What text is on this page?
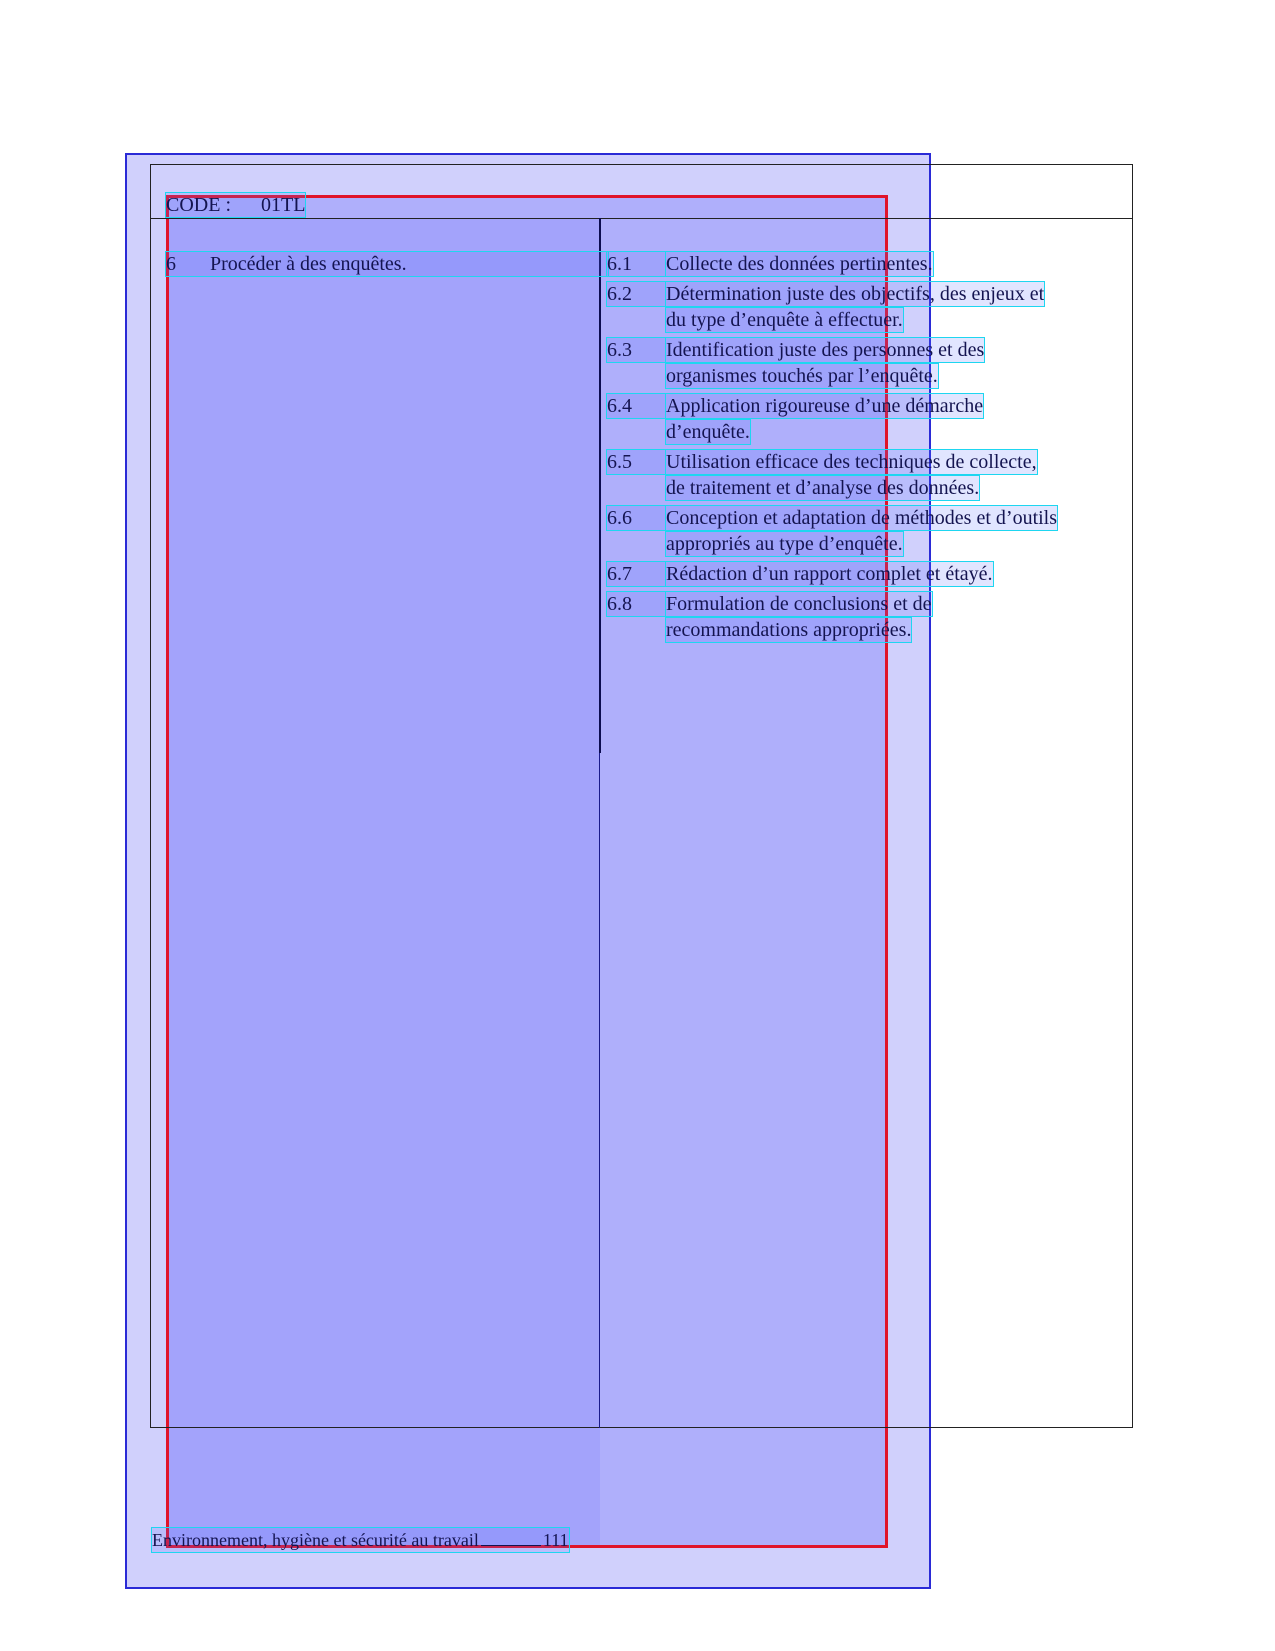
CODE : 01TL
6 Procéder à des enquêtes.	6.1	Collecte des données pertinentes.
6.2	Détermination juste des objectifs, des enjeux et
du type d’enquête à effectuer.
6.3	Identification juste des personnes et des
organismes touchés par l’enquête.
6.4	Application rigoureuse d’une démarche
d’enquête.
6.5	Utilisation efficace des techniques de collecte,
de traitement et d’analyse des données.
6.6	Conception et adaptation de méthodes et d’outils
appropriés au type d’enquête.
6.7	Rédaction d’un rapport complet et étayé.
6.8	Formulation de conclusions et de
recommandations appropriées.
Environnement, hygiène et sécurité au travail	111
